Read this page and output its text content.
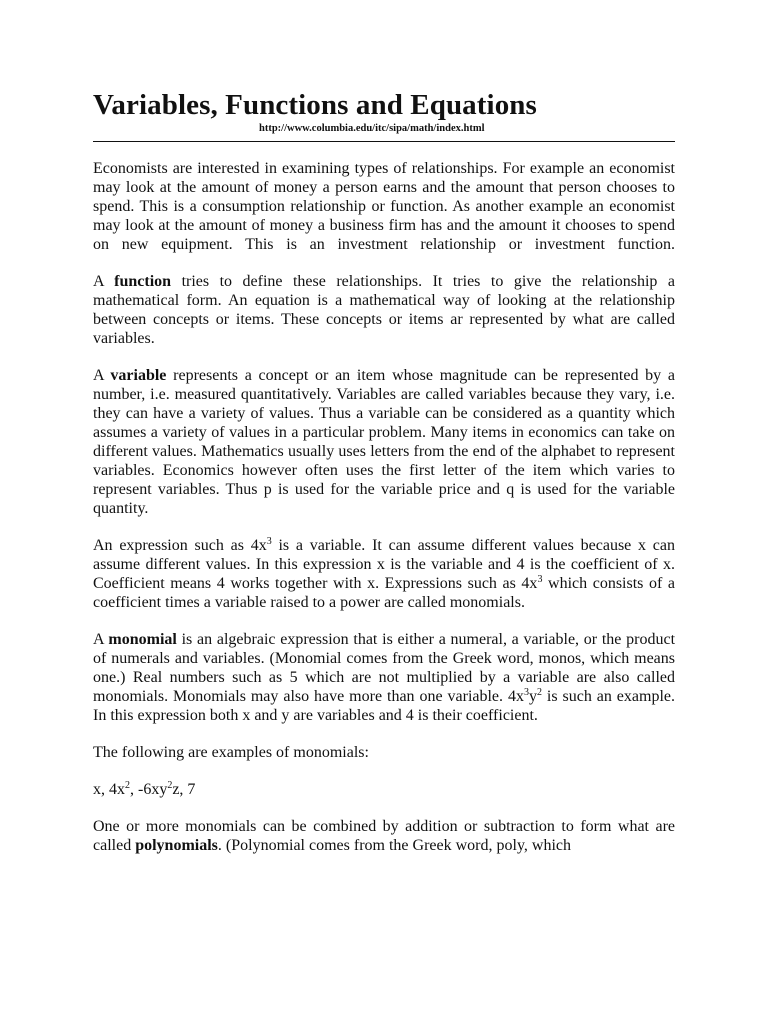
Variables, Functions and Equations
http://www.columbia.edu/itc/sipa/math/index.html

Economists are interested in examining types of relationships. For example an economist may look at the amount of money a person earns and the amount that person chooses to spend. This is a consumption relationship or function. As another example an economist may look at the amount of money a business firm has and the amount it chooses to spend on new equipment. This is an investment relationship or investment function.

A function tries to define these relationships. It tries to give the relationship a mathematical form. An equation is a mathematical way of looking at the relationship between concepts or items. These concepts or items ar represented by what are called variables.

A variable represents a concept or an item whose magnitude can be represented by a number, i.e. measured quantitatively. Variables are called variables because they vary, i.e. they can have a variety of values. Thus a variable can be considered as a quantity which assumes a variety of values in a particular problem. Many items in economics can take on different values. Mathematics usually uses letters from the end of the alphabet to represent variables. Economics however often uses the first letter of the item which varies to represent variables. Thus p is used for the variable price and q is used for the variable quantity.

An expression such as $4x^3$ is a variable. It can assume different values because x can assume different values. In this expression x is the variable and 4 is the coefficient of x. Coefficient means 4 works together with x. Expressions such as $4x^3$ which consists of a coefficient times a variable raised to a power are called monomials.

A monomial is an algebraic expression that is either a numeral, a variable, or the product of numerals and variables. (Monomial comes from the Greek word, monos, which means one.) Real numbers such as 5 which are not multiplied by a variable are also called monomials. Monomials may also have more than one variable. $4x^3y^2$ is such an example. In this expression both x and y are variables and 4 is their coefficient.

The following are examples of monomials:

x, $4x^2$, $-6xy^2z$, 7

One or more monomials can be combined by addition or subtraction to form what are called polynomials. (Polynomial comes from the Greek word, poly, which
